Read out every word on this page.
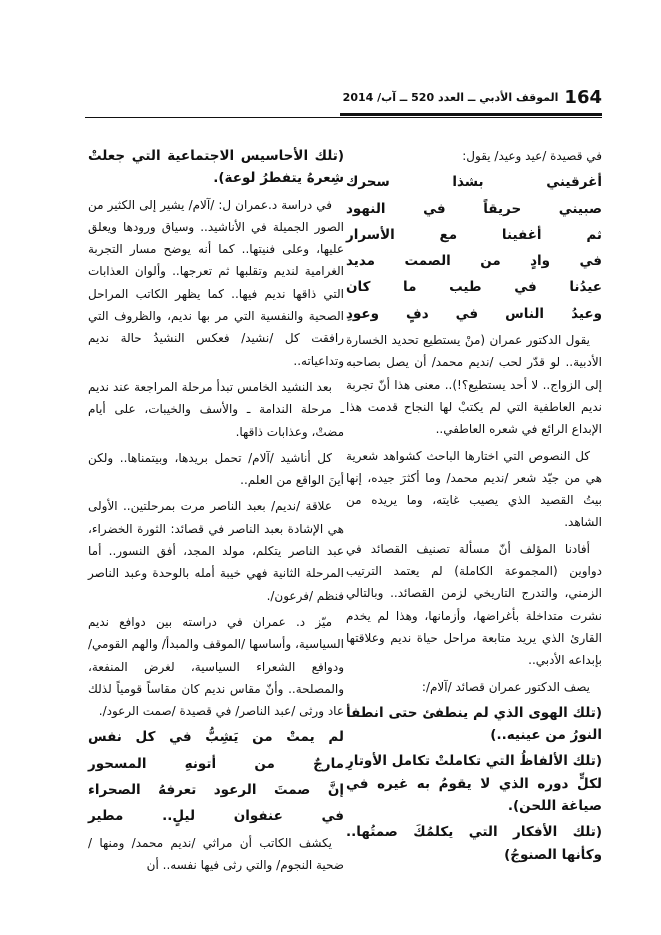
164
الموقف الأدبي ــ العدد 520 ــ آب/ 2014

في قصيدة /عيد وعيد/ يقول:

أغرقيني بشذا سحرك
صبيني حريقاً في النهود
ثم أغفينا مع الأسرار
في وادٍ من الصمت مديد
عيدُنا في طيب ما كان
وعيدُ الناس في دفٍ وعودِ

يقول الدكتور عمران (منْ يستطيع تحديد الخسارة الأدبية.. لو قدّر لحب /نديم محمد/ أن يصل بصاحبه إلى الزواج.. لا أحد يستطيع؟!).. معنى هذا أنّ تجربة نديم العاطفية التي لم يكتبْ لها النجاح قدمت هذا الإبداع الرائع في شعره العاطفي..

كل النصوص التي اختارها الباحث كشواهد شعرية هي من جيّد شعر /نديم محمد/ وما أكثرَ جيده، إنها بيتُ القصيد الذي يصيب غايته، وما يريده من الشاهد.

أفادنا المؤلف أنّ مسألة تصنيف القصائد في دواوين (المجموعة الكاملة) لم يعتمد الترتيب الزمني، والتدرج التاريخي لزمن القصائد.. وبالتالي نشرت متداخلة بأغراضها، وأزمانها، وهذا لم يخدم القارئ الذي يريد متابعة مراحل حياة نديم وعلاقتها بإبداعه الأدبي..

يصف الدكتور عمران قصائد /آلام/:

(تلك الهوى الذي لم ينطفئ حتى انطفأ النورُ من عينيه..)

(تلك الألفاظُ التي تكاملتْ تكامل الأوتارِ لكلٍّ دوره الذي لا يقومُ به غيره في صياغة اللحن).

(تلك الأفكار التي يكلمُكَ صمتُها.. وكأنها الصنوجُ)

(تلك الأحاسيس الاجتماعية التي جعلتْ شِعرهُ يتفطرُ لوعة).

في دراسة د.عمران ل: /آلام/ يشير إلى الكثير من الصور الجميلة في الأناشيد.. وسياق ورودها ويعلق عليها، وعلى فنيتها.. كما أنه يوضح مسار التجربة الغرامية لنديم وتقلبها ثم تعرجها.. وألوان العذابات التي ذاقها نديم فيها.. كما يظهر الكاتب المراحل الصحية والنفسية التي مر بها نديم، والظروف التي رافقت كل /نشيد/ فعكس النشيدُ حالة نديم وتداعياته..

بعد النشيد الخامس تبدأ مرحلة المراجعة عند نديم ـ مرحلة الندامة ـ والأسف والخيبات، على أيام مضتْ، وعذابات ذاقها.

كل أناشيد /آلام/ تحمل بريدها، وبيتمناها.. ولكن أينَ الواقع من العلم..

علاقة /نديم/ بعبد الناصر مرت بمرحلتين.. الأولى هي الإشادة بعبد الناصر في قصائد: الثورة الخضراء، عبد الناصر يتكلم، مولد المجد، أفق النسور.. أما المرحلة الثانية فهي خيبة أمله بالوحدة وعبد الناصر فنظم /فرعون/.

ميّز د. عمران في دراسته بين دوافع نديم السياسية، وأساسها /الموقف والمبدأ/ والهم القومي/ ودوافع الشعراء السياسية، لغرض المنفعة، والمصلحة.. وأنّ مقاس نديم كان مقاساً قومياً لذلك عاد ورثى /عبد الناصر/ في قصيدة /صمت الرعود/.

لم يمتْ من يَشِبُّ في كل نفس
مارجٌ من أتونهِ المسحور
إنَّ صمتَ الرعود تعرفهُ الصحراء
في عنفوان ليلٍ.. مطير

يكشف الكاتب أن مراثي /نديم محمد/ ومنها /ضحية النجوم/ والتي رثى فيها نفسه.. أن
